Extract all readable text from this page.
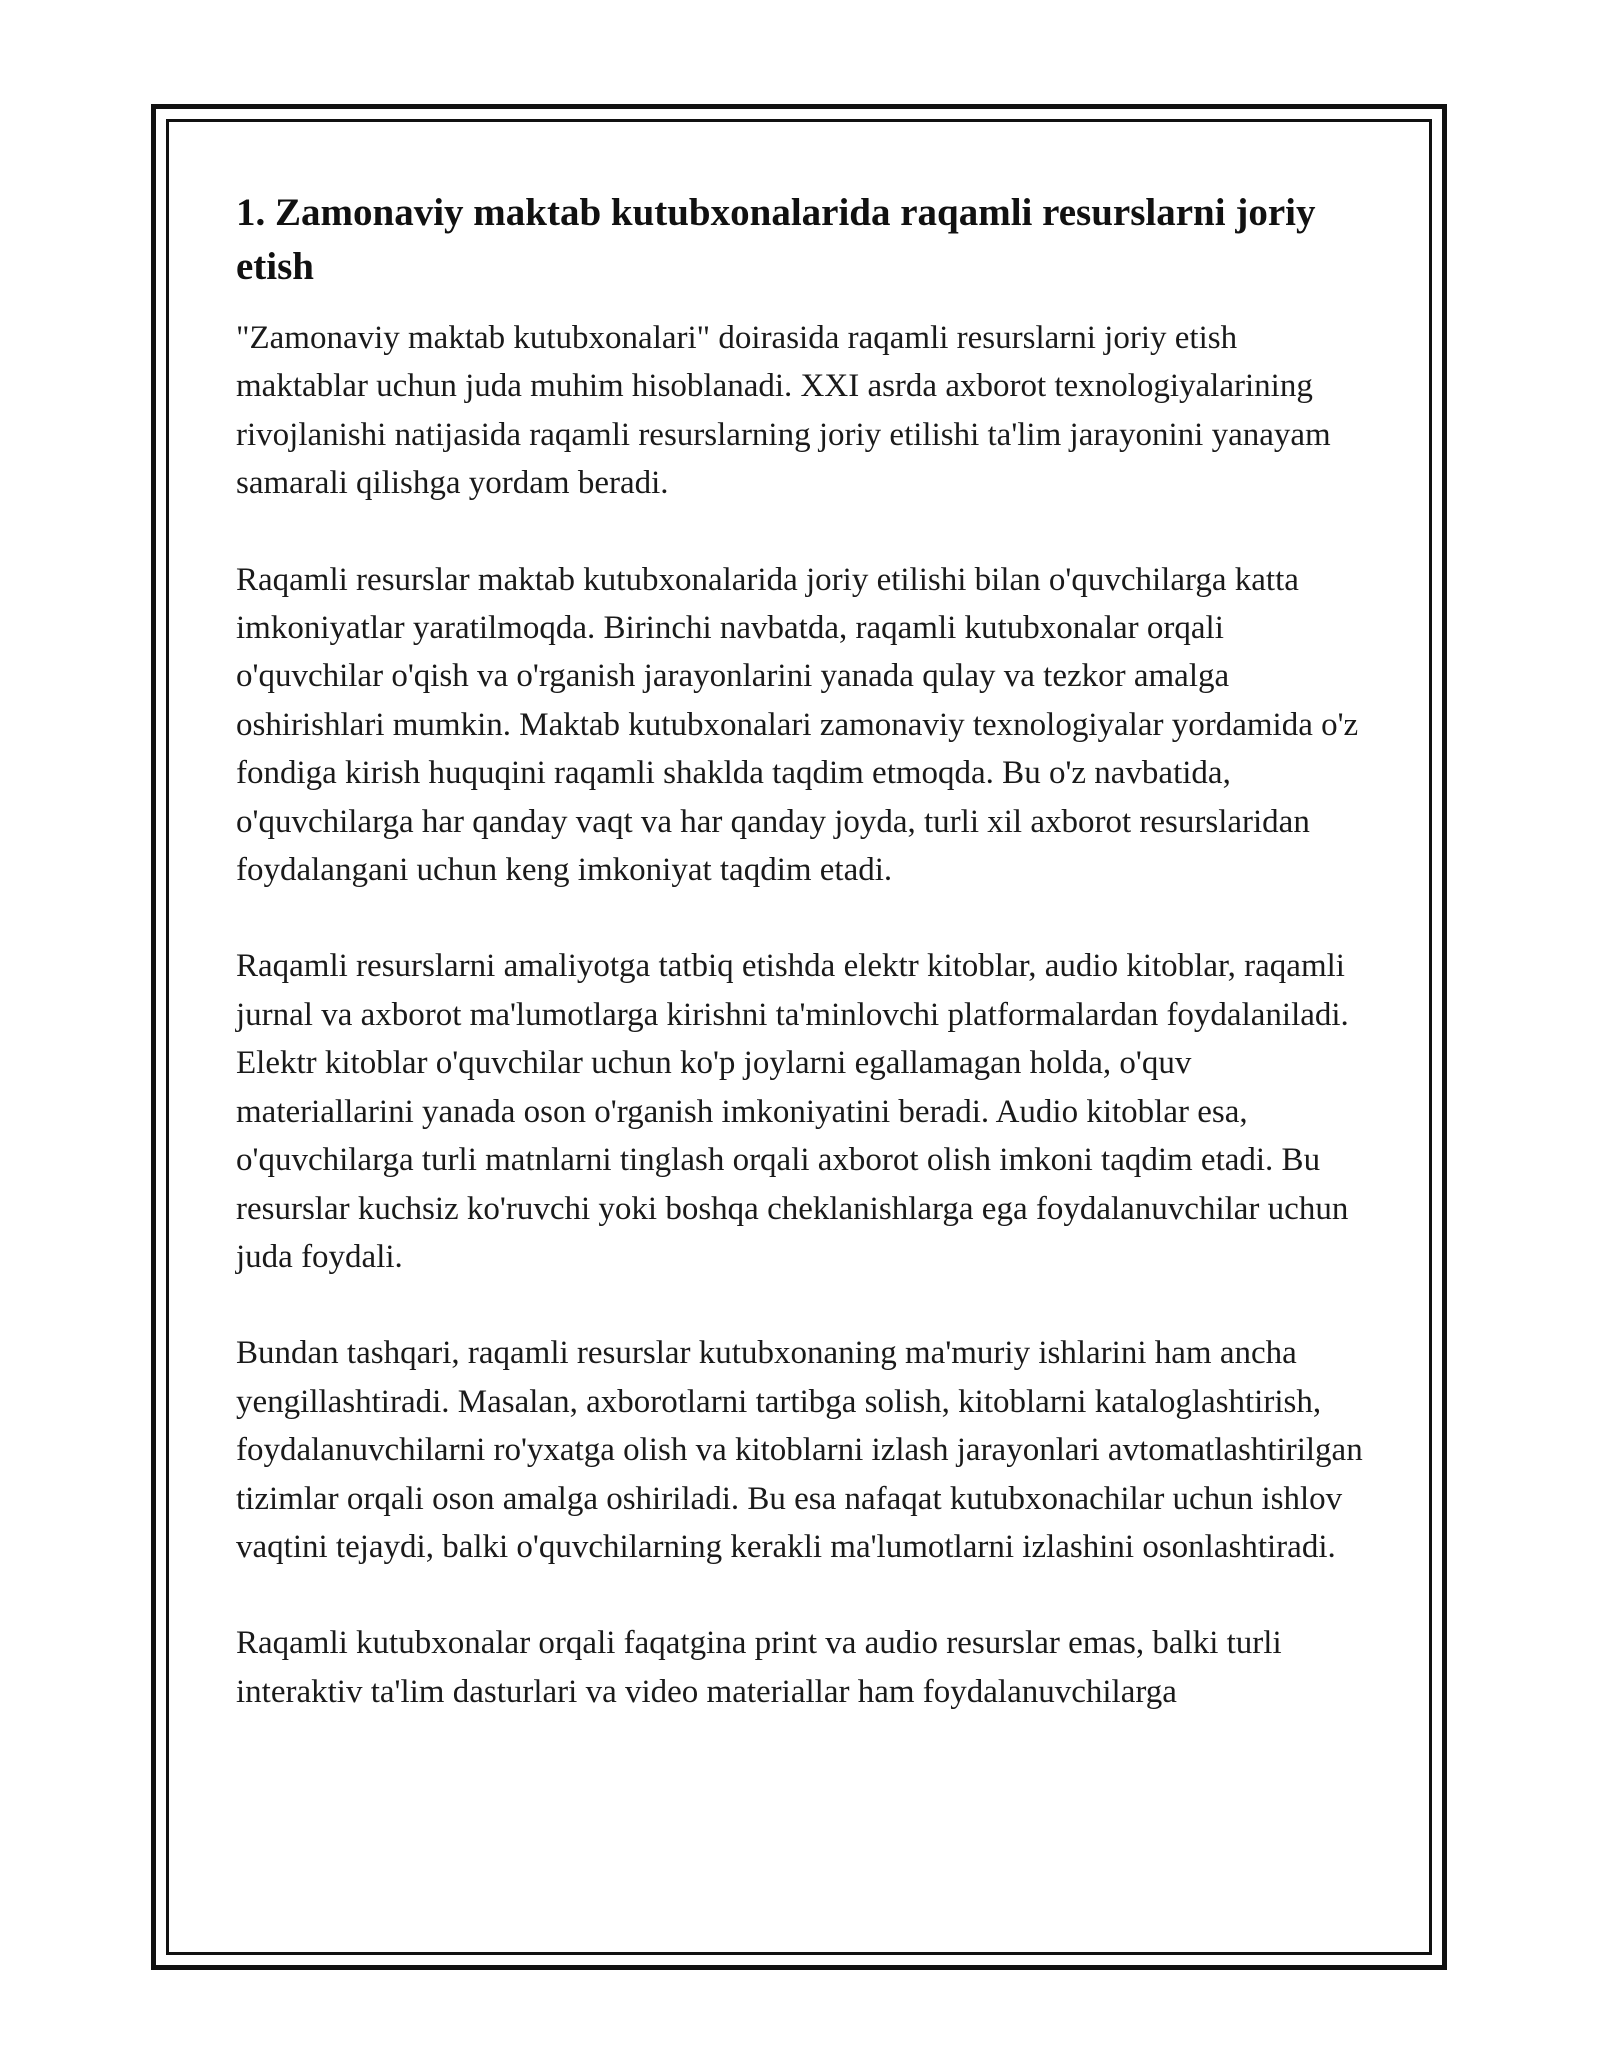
1. Zamonaviy maktab kutubxonalarida raqamli resurslarni joriy etish

"Zamonaviy maktab kutubxonalari" doirasida raqamli resurslarni joriy etish maktablar uchun juda muhim hisoblanadi. XXI asrda axborot texnologiyalarining rivojlanishi natijasida raqamli resurslarning joriy etilishi ta'lim jarayonini yanayam samarali qilishga yordam beradi.

Raqamli resurslar maktab kutubxonalarida joriy etilishi bilan o'quvchilarga katta imkoniyatlar yaratilmoqda. Birinchi navbatda, raqamli kutubxonalar orqali o'quvchilar o'qish va o'rganish jarayonlarini yanada qulay va tezkor amalga oshirishlari mumkin. Maktab kutubxonalari zamonaviy texnologiyalar yordamida o'z fondiga kirish huquqini raqamli shaklda taqdim etmoqda. Bu o'z navbatida, o'quvchilarga har qanday vaqt va har qanday joyda, turli xil axborot resurslaridan foydalangani uchun keng imkoniyat taqdim etadi.

Raqamli resurslarni amaliyotga tatbiq etishda elektr kitoblar, audio kitoblar, raqamli jurnal va axborot ma'lumotlarga kirishni ta'minlovchi platformalardan foydalaniladi. Elektr kitoblar o'quvchilar uchun ko'p joylarni egallamagan holda, o'quv materiallarini yanada oson o'rganish imkoniyatini beradi. Audio kitoblar esa, o'quvchilarga turli matnlarni tinglash orqali axborot olish imkoni taqdim etadi. Bu resurslar kuchsiz ko'ruvchi yoki boshqa cheklanishlarga ega foydalanuvchilar uchun juda foydali.

Bundan tashqari, raqamli resurslar kutubxonaning ma'muriy ishlarini ham ancha yengillashtiradi. Masalan, axborotlarni tartibga solish, kitoblarni kataloglashtirish, foydalanuvchilarni ro'yxatga olish va kitoblarni izlash jarayonlari avtomatlashtirilgan tizimlar orqali oson amalga oshiriladi. Bu esa nafaqat kutubxonachilar uchun ishlov vaqtini tejaydi, balki o'quvchilarning kerakli ma'lumotlarni izlashini osonlashtiradi.

Raqamli kutubxonalar orqali faqatgina print va audio resurslar emas, balki turli interaktiv ta'lim dasturlari va video materiallar ham foydalanuvchilarga
